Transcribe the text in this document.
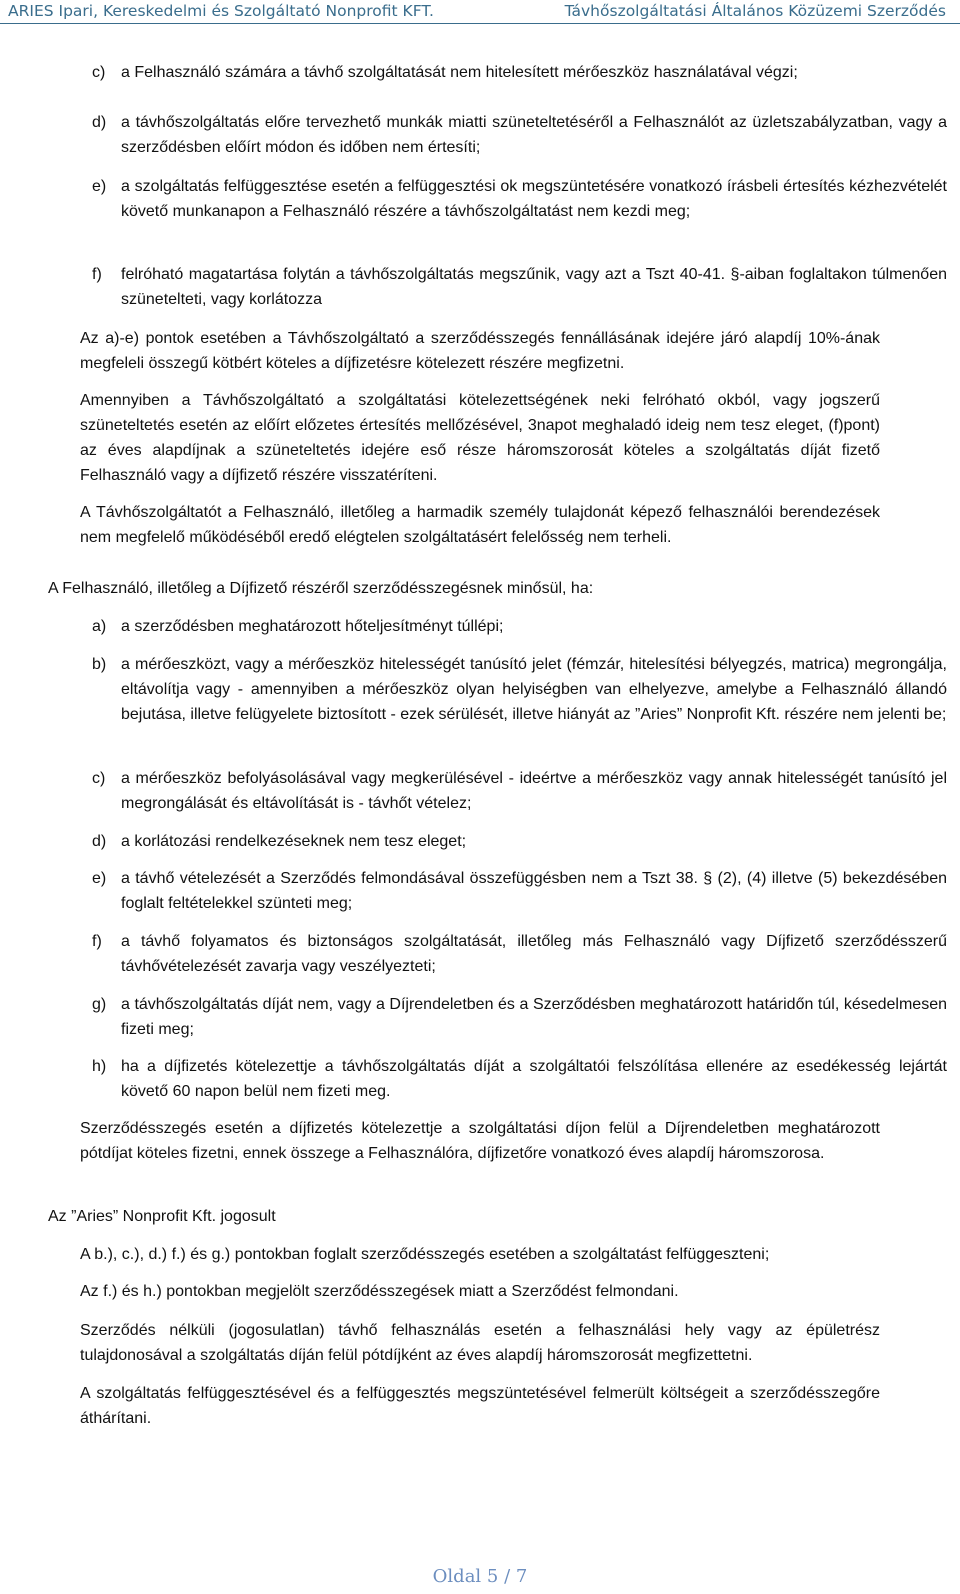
ARIES Ipari, Kereskedelmi és Szolgáltató Nonprofit KFT.	Távhőszolgáltatási Általános Közüzemi Szerződés
c) a Felhasználó számára a távhő szolgáltatását nem hitelesített mérőeszköz használatával végzi;
d) a távhőszolgáltatás előre tervezhető munkák miatti szüneteltetéséről a Felhasználót az üzletszabályzatban, vagy a szerződésben előírt módon és időben nem értesíti;
e) a szolgáltatás felfüggesztése esetén a felfüggesztési ok megszüntetésére vonatkozó írásbeli értesítés kézhezvételét követő munkanapon a Felhasználó részére a távhőszolgáltatást nem kezdi meg;
f) felróható magatartása folytán a távhőszolgáltatás megszűnik, vagy azt a Tszt 40-41. §-aiban foglaltakon túlmenően szünetelteti, vagy korlátozza
Az a)-e) pontok esetében a Távhőszolgáltató a szerződésszegés fennállásának idejére járó alapdíj 10%-ának megfeleli összegű kötbért köteles a díjfizetésre kötelezett részére megfizetni.
Amennyiben a Távhőszolgáltató a szolgáltatási kötelezettségének neki felróható okból, vagy jogszerű szüneteltetés esetén az előírt előzetes értesítés mellőzésével, 3napot meghaladó ideig nem tesz eleget, (f)pont) az éves alapdíjnak a szüneteltetés idejére eső része háromszorosát köteles a szolgáltatás díját fizető Felhasználó vagy a díjfizető részére visszatéríteni.
A Távhőszolgáltatót a Felhasználó, illetőleg a harmadik személy tulajdonát képező felhasználói berendezések nem megfelelő működéséből eredő elégtelen szolgáltatásért felelősség nem terheli.
A Felhasználó, illetőleg a Díjfizető részéről szerződésszegésnek minősül, ha:
a) a szerződésben meghatározott hőteljesítményt túllépi;
b) a mérőeszközt, vagy a mérőeszköz hitelességét tanúsító jelet (fémzár, hitelesítési bélyegzés, matrica) megrongálja, eltávolítja vagy - amennyiben a mérőeszköz olyan helyiségben van elhelyezve, amelybe a Felhasználó állandó bejutása, illetve felügyelete biztosított - ezek sérülését, illetve hiányát az ”Aries” Nonprofit Kft. részére nem jelenti be;
c) a mérőeszköz befolyásolásával vagy megkerülésével - ideértve a mérőeszköz vagy annak hitelességét tanúsító jel megrongálását és eltávolítását is - távhőt vételez;
d) a korlátozási rendelkezéseknek nem tesz eleget;
e) a távhő vételezését a Szerződés felmondásával összefüggésben nem a Tszt 38. § (2), (4) illetve (5) bekezdésében foglalt feltételekkel szünteti meg;
f) a távhő folyamatos és biztonságos szolgáltatását, illetőleg más Felhasználó vagy Díjfizető szerződésszerű távhővételezését zavarja vagy veszélyezteti;
g) a távhőszolgáltatás díját nem, vagy a Díjrendeletben és a Szerződésben meghatározott határidőn túl, késedelmesen fizeti meg;
h) ha a díjfizetés kötelezettje a távhőszolgáltatás díját a szolgáltatói felszólítása ellenére az esedékesség lejártát követő 60 napon belül nem fizeti meg.
Szerződésszegés esetén a díjfizetés kötelezettje a szolgáltatási díjon felül a Díjrendeletben meghatározott pótdíjat köteles fizetni, ennek összege a Felhasználóra, díjfizetőre vonatkozó éves alapdíj háromszorosa.
Az ”Aries” Nonprofit Kft. jogosult
A b.), c.), d.) f.) és g.) pontokban foglalt szerződésszegés esetében a szolgáltatást felfüggeszteni;
Az f.) és h.) pontokban megjelölt szerződésszegések miatt a Szerződést felmondani.
Szerződés nélküli (jogosulatlan) távhő felhasználás esetén a felhasználási hely vagy az épületrész tulajdonosával a szolgáltatás díján felül pótdíjként az éves alapdíj háromszorosát megfizettetni.
A szolgáltatás felfüggesztésével és a felfüggesztés megszüntetésével felmerült költségeit a szerződésszegőre áthárítani.
Oldal 5 / 7
